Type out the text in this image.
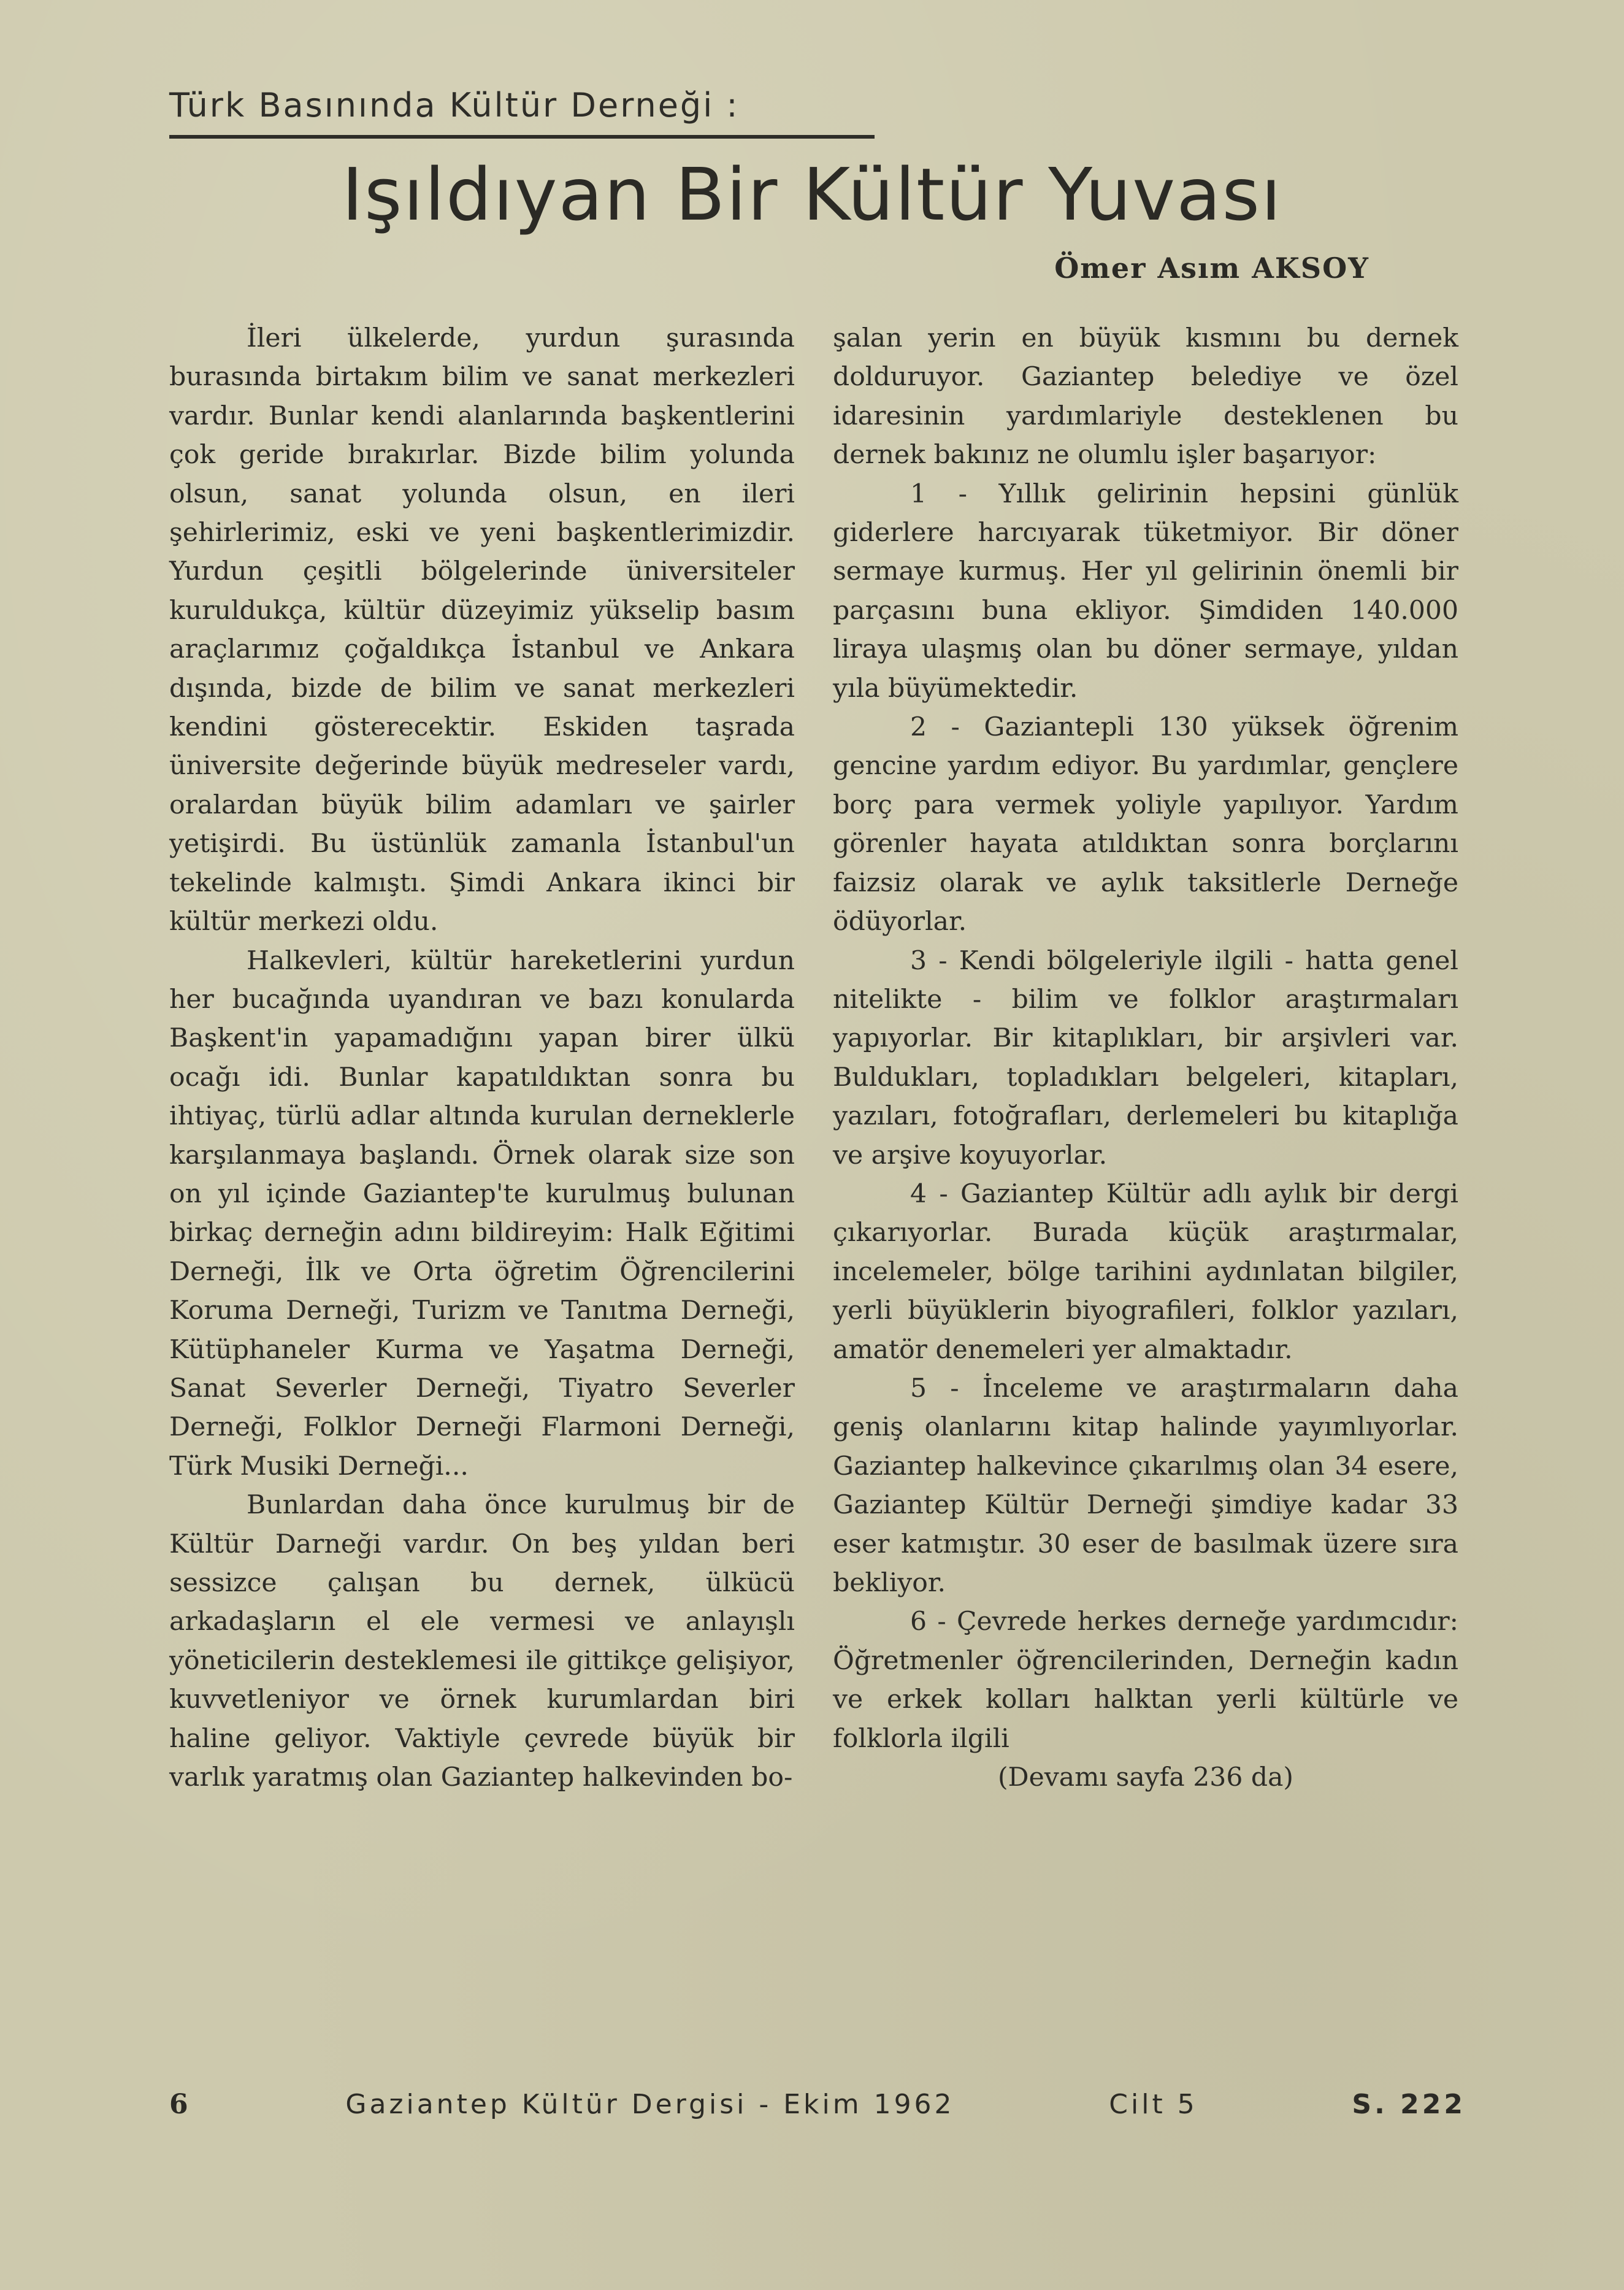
Türk Basınında Kültür Derneği :
Işıldıyan Bir Kültür Yuvası
Ömer Asım AKSOY

İleri ülkelerde, yurdun şurasında burasında birtakım bilim ve sanat merkezleri vardır. Bunlar kendi alanlarında başkentlerini çok geride bırakırlar. Bizde bilim yolunda olsun, sanat yolunda olsun, en ileri şehirlerimiz, eski ve yeni başkentlerimizdir. Yurdun çeşitli bölgelerinde üniversiteler kuruldukça, kültür düzeyimiz yükselip basım araçlarımız çoğaldıkça İstanbul ve Ankara dışında, bizde de bilim ve sanat merkezleri kendini gösterecektir. Eskiden taşrada üniversite değerinde büyük medreseler vardı, oralardan büyük bilim adamları ve şairler yetişirdi. Bu üstünlük zamanla İstanbul'un tekelinde kalmıştı. Şimdi Ankara ikinci bir kültür merkezi oldu.

Halkevleri, kültür hareketlerini yurdun her bucağında uyandıran ve bazı konularda Başkent'in yapamadığını yapan birer ülkü ocağı idi. Bunlar kapatıldıktan sonra bu ihtiyaç, türlü adlar altında kurulan derneklerle karşılanmaya başlandı. Örnek olarak size son on yıl içinde Gaziantep'te kurulmuş bulunan birkaç derneğin adını bildireyim: Halk Eğitimi Derneği, İlk ve Orta öğretim Öğrencilerini Koruma Derneği, Turizm ve Tanıtma Derneği, Kütüphaneler Kurma ve Yaşatma Derneği, Sanat Severler Derneği, Tiyatro Severler Derneği, Folklor Derneği Flarmoni Derneği, Türk Musiki Derneği...

Bunlardan daha önce kurulmuş bir de Kültür Darneği vardır. On beş yıldan beri sessizce çalışan bu dernek, ülkücü arkadaşların el ele vermesi ve anlayışlı yöneticilerin desteklemesi ile gittikçe gelişiyor, kuvvetleniyor ve örnek kurumlardan biri haline geliyor. Vaktiyle çevrede büyük bir varlık yaratmış olan Gaziantep halkevinden bo-

şalan yerin en büyük kısmını bu dernek dolduruyor. Gaziantep belediye ve özel idaresinin yardımlariyle desteklenen bu dernek bakınız ne olumlu işler başarıyor:

1 - Yıllık gelirinin hepsini günlük giderlere harcıyarak tüketmiyor. Bir döner sermaye kurmuş. Her yıl gelirinin önemli bir parçasını buna ekliyor. Şimdiden 140.000 liraya ulaşmış olan bu döner sermaye, yıldan yıla büyümektedir.

2 - Gaziantepli 130 yüksek öğrenim gencine yardım ediyor. Bu yardımlar, gençlere borç para vermek yoliyle yapılıyor. Yardım görenler hayata atıldıktan sonra borçlarını faizsiz olarak ve aylık taksitlerle Derneğe ödüyorlar.

3 - Kendi bölgeleriyle ilgili - hatta genel nitelikte - bilim ve folklor araştırmaları yapıyorlar. Bir kitaplıkları, bir arşivleri var. Buldukları, topladıkları belgeleri, kitapları, yazıları, fotoğrafları, derlemeleri bu kitaplığa ve arşive koyuyorlar.

4 - Gaziantep Kültür adlı aylık bir dergi çıkarıyorlar. Burada küçük araştırmalar, incelemeler, bölge tarihini aydınlatan bilgiler, yerli büyüklerin biyografileri, folklor yazıları, amatör denemeleri yer almaktadır.

5 - İnceleme ve araştırmaların daha geniş olanlarını kitap halinde yayımlıyorlar. Gaziantep halkevince çıkarılmış olan 34 esere, Gaziantep Kültür Derneği şimdiye kadar 33 eser katmıştır. 30 eser de basılmak üzere sıra bekliyor.

6 - Çevrede herkes derneğe yardımcıdır: Öğretmenler öğrencilerinden, Derneğin kadın ve erkek kolları halktan yerli kültürle ve folklorla ilgili

(Devamı sayfa 236 da)

6	Gaziantep Kültür Dergisi - Ekim 1962	Cilt 5	S. 222
